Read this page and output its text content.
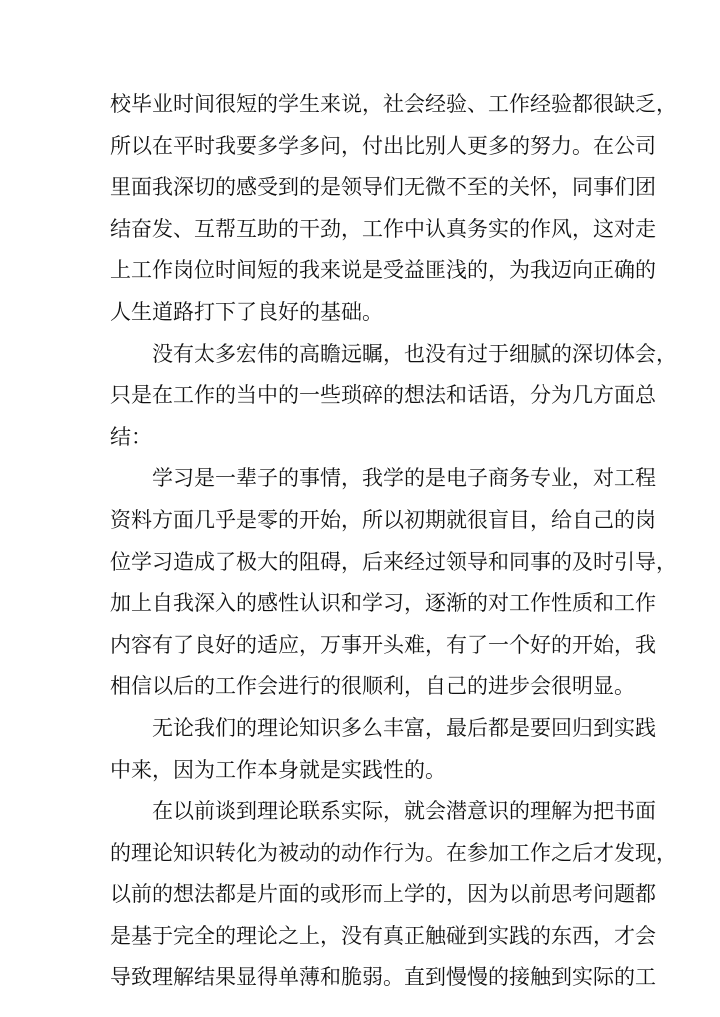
校毕业时间很短的学生来说，社会经验、工作经验都很缺乏，
所以在平时我要多学多问，付出比别人更多的努力。在公司
里面我深切的感受到的是领导们无微不至的关怀，同事们团
结奋发、互帮互助的干劲，工作中认真务实的作风，这对走
上工作岗位时间短的我来说是受益匪浅的，为我迈向正确的
人生道路打下了良好的基础。

没有太多宏伟的高瞻远瞩，也没有过于细腻的深切体会，
只是在工作的当中的一些琐碎的想法和话语，分为几方面总
结：

学习是一辈子的事情，我学的是电子商务专业，对工程
资料方面几乎是零的开始，所以初期就很盲目，给自己的岗
位学习造成了极大的阻碍，后来经过领导和同事的及时引导，
加上自我深入的感性认识和学习，逐渐的对工作性质和工作
内容有了良好的适应，万事开头难，有了一个好的开始，我
相信以后的工作会进行的很顺利，自己的进步会很明显。

无论我们的理论知识多么丰富，最后都是要回归到实践
中来，因为工作本身就是实践性的。

在以前谈到理论联系实际，就会潜意识的理解为把书面
的理论知识转化为被动的动作行为。在参加工作之后才发现，
以前的想法都是片面的或形而上学的，因为以前思考问题都
是基于完全的理论之上，没有真正触碰到实践的东西，才会
导致理解结果显得单薄和脆弱。直到慢慢的接触到实际的工
